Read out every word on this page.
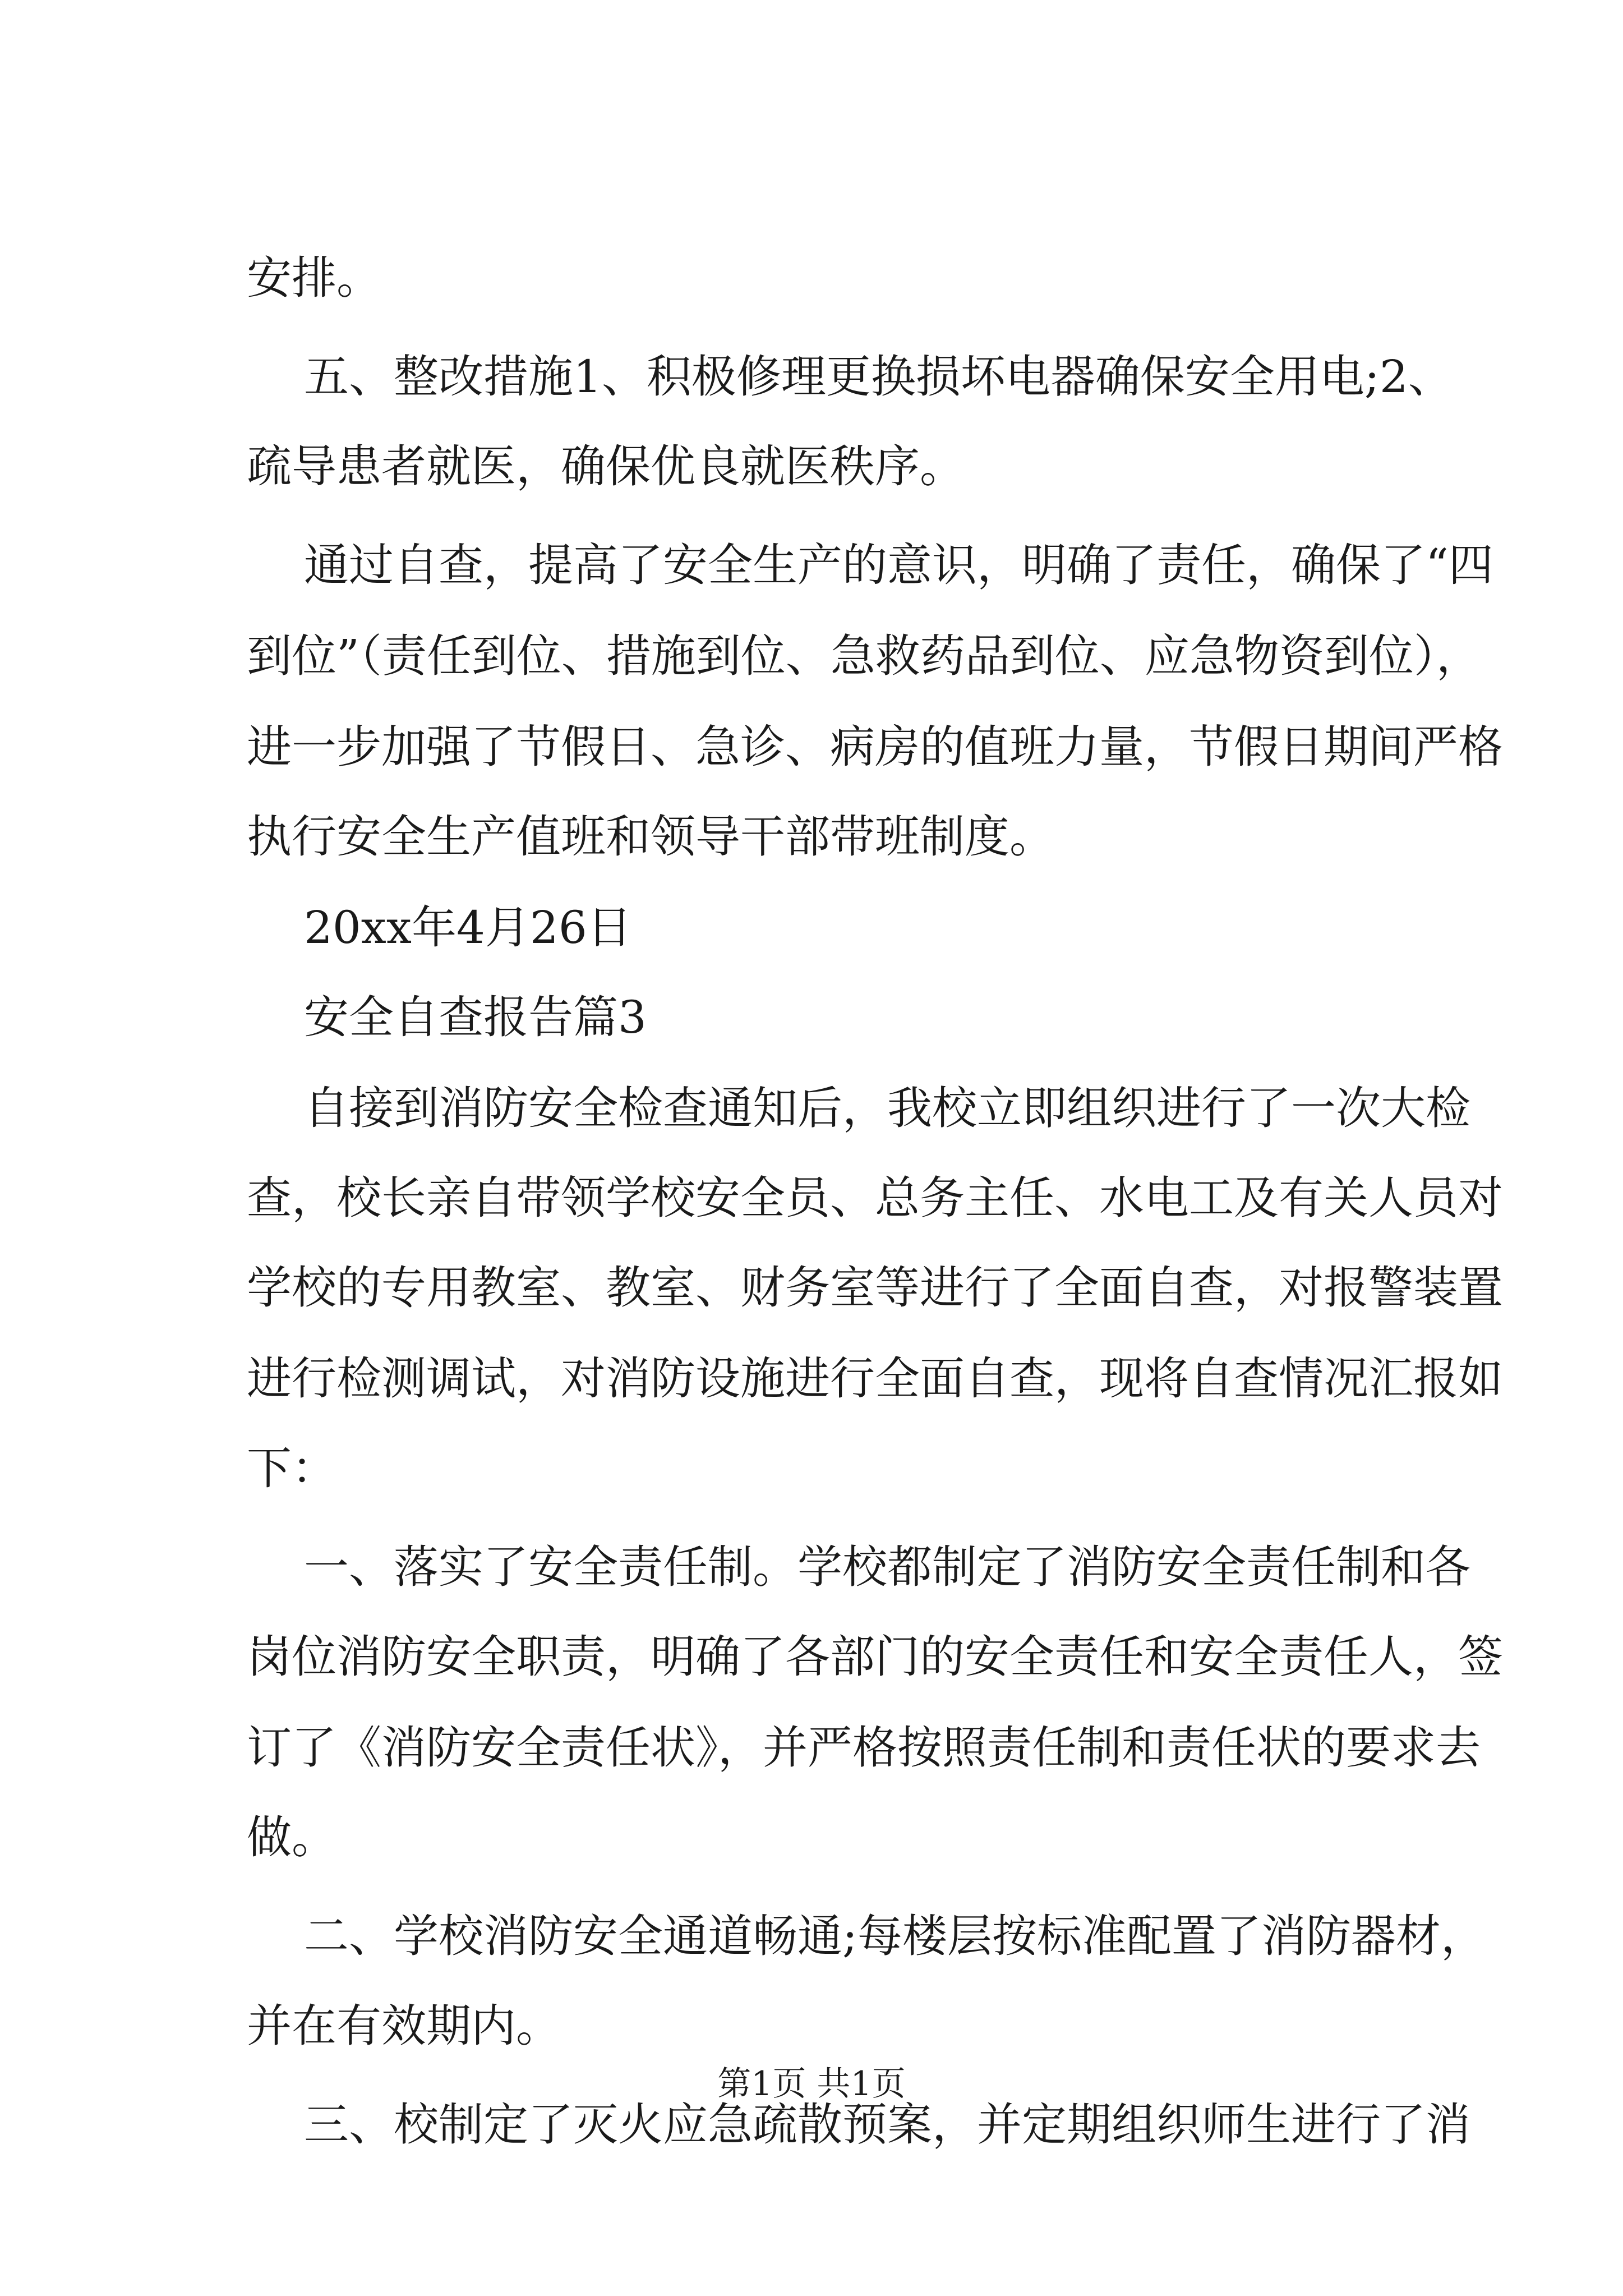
安排。
五、整改措施1、积极修理更换损坏电器确保安全用电;2、
疏导患者就医，确保优良就医秩序。
通过自查，提高了安全生产的意识，明确了责任，确保了“四
到位”（责任到位、措施到位、急救药品到位、应急物资到位），
进一步加强了节假日、急诊、病房的值班力量，节假日期间严格
执行安全生产值班和领导干部带班制度。
20xx年4月26日
安全自查报告篇3
自接到消防安全检查通知后，我校立即组织进行了一次大检
查，校长亲自带领学校安全员、总务主任、水电工及有关人员对
学校的专用教室、教室、财务室等进行了全面自查，对报警装置
进行检测调试，对消防设施进行全面自查，现将自查情况汇报如
下：
一、落实了安全责任制。学校都制定了消防安全责任制和各
岗位消防安全职责，明确了各部门的安全责任和安全责任人，签
订了《消防安全责任状》，并严格按照责任制和责任状的要求去
做。
二、学校消防安全通道畅通;每楼层按标准配置了消防器材，
并在有效期内。
三、校制定了灭火应急疏散预案，并定期组织师生进行了消
第1页 共1页
